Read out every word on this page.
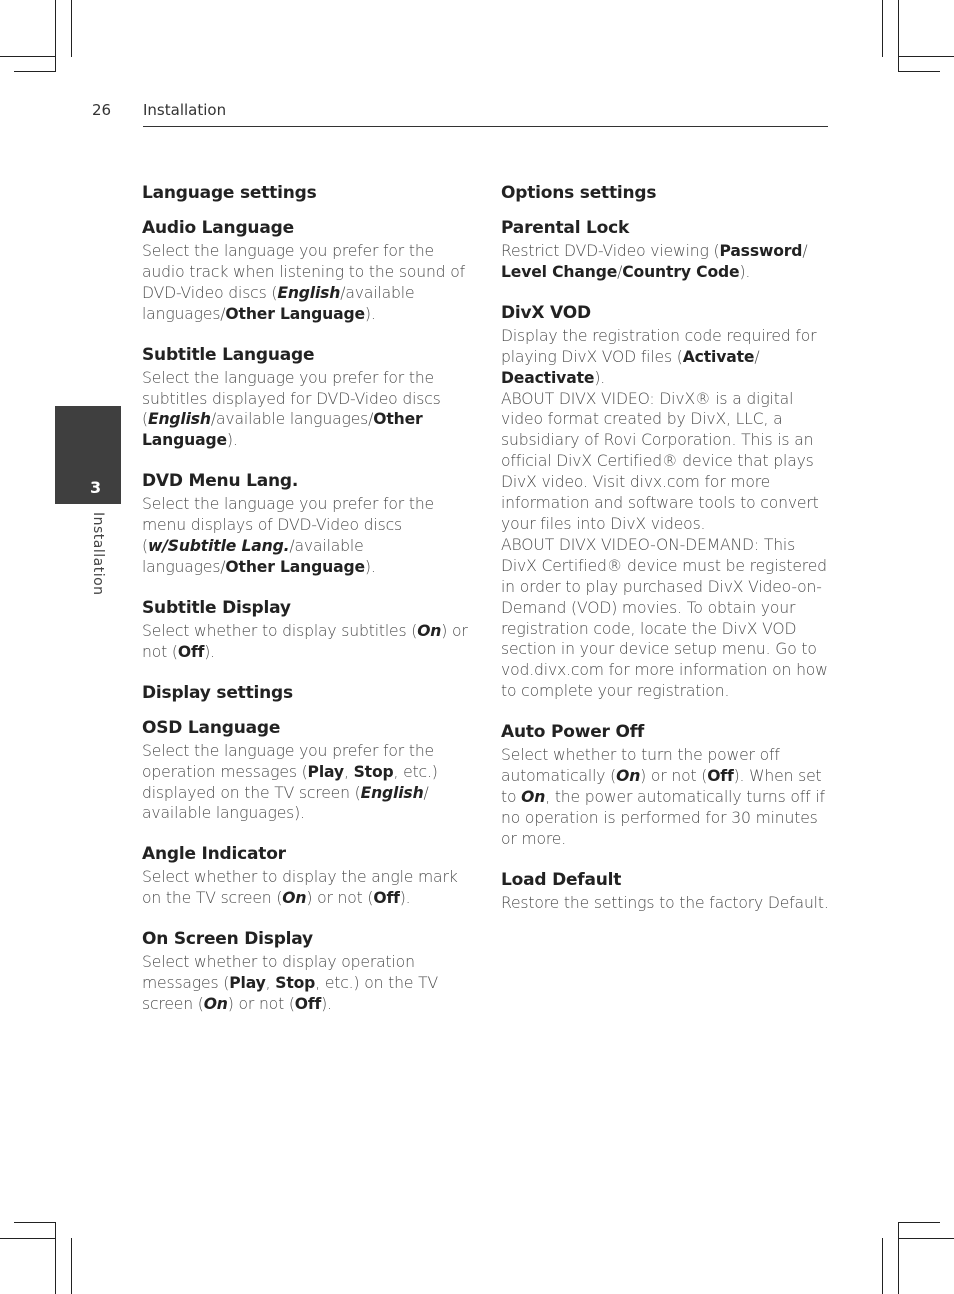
26 Installation
3
Installation
Language settings
Audio Language

Select the language you prefer for the audio track when listening to the sound of DVD-Video discs (English/available languages/Other Language).

Subtitle Language

Select the language you prefer for the subtitles displayed for DVD-Video discs (English/available languages/Other Language).

DVD Menu Lang.

Select the language you prefer for the menu displays of DVD-Video discs (w/Subtitle Lang./available languages/Other Language).

Subtitle Display

Select whether to display subtitles (On) or not (Off).

Display settings
OSD Language

Select the language you prefer for the operation messages (Play, Stop, etc.) displayed on the TV screen (English/ available languages).

Angle Indicator

Select whether to display the angle mark on the TV screen (On) or not (Off).

On Screen Display

Select whether to display operation messages (Play, Stop, etc.) on the TV screen (On) or not (Off).

Options settings
Parental Lock

Restrict DVD-Video viewing (Password/ Level Change/Country Code).

DivX VOD

Display the registration code required for playing DivX VOD files (Activate/ Deactivate).

ABOUT DIVX VIDEO: DivX® is a digital video format created by DivX, LLC, a subsidiary of Rovi Corporation. This is an official DivX Certified® device that plays DivX video. Visit divx.com for more information and software tools to convert your files into DivX videos.

ABOUT DIVX VIDEO-ON-DEMAND: This DivX Certified® device must be registered in order to play purchased DivX Video-on-Demand (VOD) movies. To obtain your registration code, locate the DivX VOD section in your device setup menu. Go to vod.divx.com for more information on how to complete your registration.

Auto Power Off

Select whether to turn the power off automatically (On) or not (Off). When set to On, the power automatically turns off if no operation is performed for 30 minutes or more.

Load Default

Restore the settings to the factory Default.
